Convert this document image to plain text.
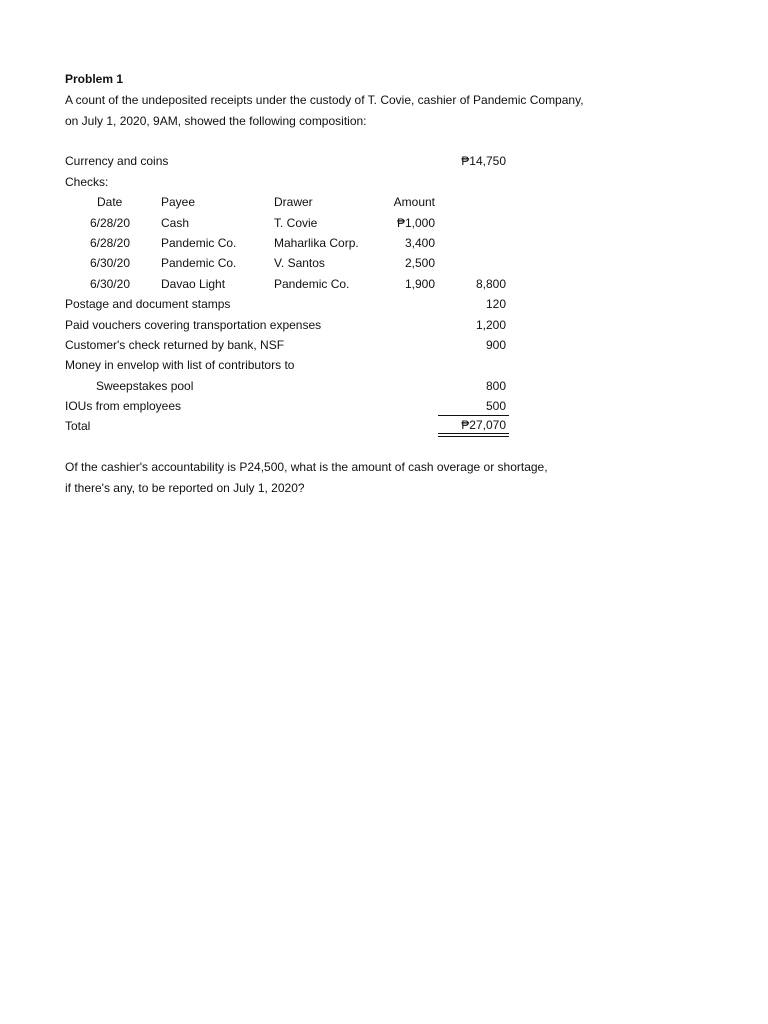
Problem 1
A count of the undeposited receipts under the custody of T. Covie, cashier of Pandemic Company,
on July 1, 2020, 9AM, showed the following composition:
Currency and coins	₱14,750
Checks:
Date	Payee	Drawer	Amount
6/28/20	Cash	T. Covie	₱1,000
6/28/20	Pandemic Co.	Maharlika Corp.	3,400
6/30/20	Pandemic Co.	V. Santos	2,500
6/30/20	Davao Light	Pandemic Co.	1,900	8,800
Postage and document stamps	120
Paid vouchers covering transportation expenses	1,200
Customer's check returned by bank, NSF	900
Money in envelop with list of contributors to
Sweepstakes pool	800
IOUs from employees	500
Total	₱27,070
Of the cashier's accountability is P24,500, what is the amount of cash overage or shortage,
if there's any, to be reported on July 1, 2020?
